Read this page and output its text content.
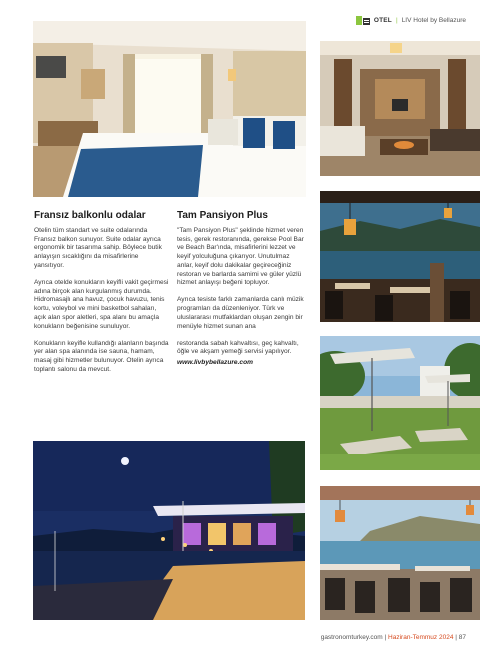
OTEL | LIV Hotel by Bellazure
Fransız balkonlu odalar

Otelin tüm standart ve suite odalarında Fransız balkon sunuyor. Suite odalar ayrıca ergonomik bir tasarıma sahip. Böylece butik anlayışın sıcaklığını da misafirlerine yansıtıyor.

Ayrıca otelde konukların keyifli vakit geçirmesi adına birçok alan kurgulanmış durumda. Hidromasajlı ana havuz, çocuk havuzu, tenis kortu, voleybol ve mini basketbol sahaları, açık alan spor aletleri, spa alanı bu amaçla konukların beğenisine sunuluyor.

Konukların keyifle kullandığı alanların başında yer alan spa alanında ise sauna, hamam, masaj gibi hizmetler bulunuyor. Otelin ayrıca toplantı salonu da mevcut.

Tam Pansiyon Plus

"Tam Pansiyon Plus" şeklinde hizmet veren tesis, gerek restoranında, gerekse Pool Bar ve Beach Bar'ında, misafirlerini lezzet ve keyif yolculuğuna çıkarıyor. Unutulmaz anlar, keyif dolu dakikalar geçireceğiniz restoran ve barlarda samimi ve güler yüzlü hizmet anlayışı beğeni topluyor.

Ayrıca tesiste farklı zamanlarda canlı müzik programları da düzenleniyor. Türk ve uluslararası mutfaklardan oluşan zengin bir menüyle hizmet sunan ana

restoranda sabah kahvaltısı, geç kahvaltı, öğle ve akşam yemeği servisi yapılıyor.

www.livbybellazure.com
gastronomturkey.com | Haziran-Temmuz 2024 | 87
